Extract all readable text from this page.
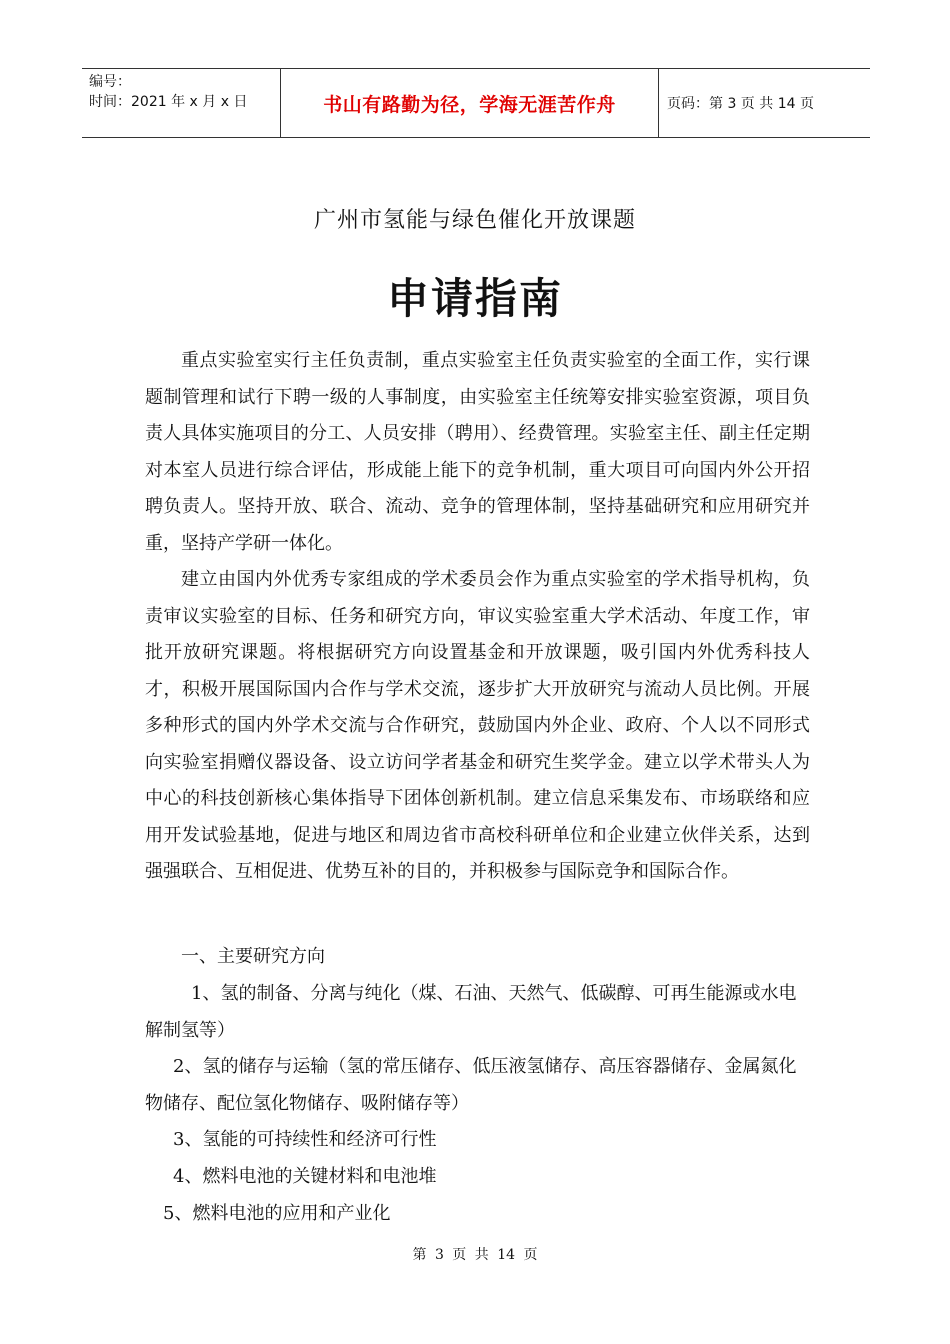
编号：
时间：2021 年 x 月 x 日	书山有路勤为径，学海无涯苦作舟	页码：第 3 页 共 14 页
广州市氢能与绿色催化开放课题
申请指南

重点实验室实行主任负责制，重点实验室主任负责实验室的全面工作，实行课题制管理和试行下聘一级的人事制度，由实验室主任统筹安排实验室资源，项目负责人具体实施项目的分工、人员安排（聘用）、经费管理。实验室主任、副主任定期对本室人员进行综合评估，形成能上能下的竞争机制，重大项目可向国内外公开招聘负责人。坚持开放、联合、流动、竞争的管理体制，坚持基础研究和应用研究并重，坚持产学研一体化。

建立由国内外优秀专家组成的学术委员会作为重点实验室的学术指导机构，负责审议实验室的目标、任务和研究方向，审议实验室重大学术活动、年度工作，审批开放研究课题。将根据研究方向设置基金和开放课题，吸引国内外优秀科技人才，积极开展国际国内合作与学术交流，逐步扩大开放研究与流动人员比例。开展多种形式的国内外学术交流与合作研究，鼓励国内外企业、政府、个人以不同形式向实验室捐赠仪器设备、设立访问学者基金和研究生奖学金。建立以学术带头人为中心的科技创新核心集体指导下团体创新机制。建立信息采集发布、市场联络和应用开发试验基地，促进与地区和周边省市高校科研单位和企业建立伙伴关系，达到强强联合、互相促进、优势互补的目的，并积极参与国际竞争和国际合作。

一、主要研究方向
1、氢的制备、分离与纯化（煤、石油、天然气、低碳醇、可再生能源或水电解制氢等）
2、氢的储存与运输（氢的常压储存、低压液氢储存、高压容器储存、金属氮化物储存、配位氢化物储存、吸附储存等）
3、氢能的可持续性和经济可行性
4、燃料电池的关键材料和电池堆
5、燃料电池的应用和产业化
第 3 页 共 14 页
